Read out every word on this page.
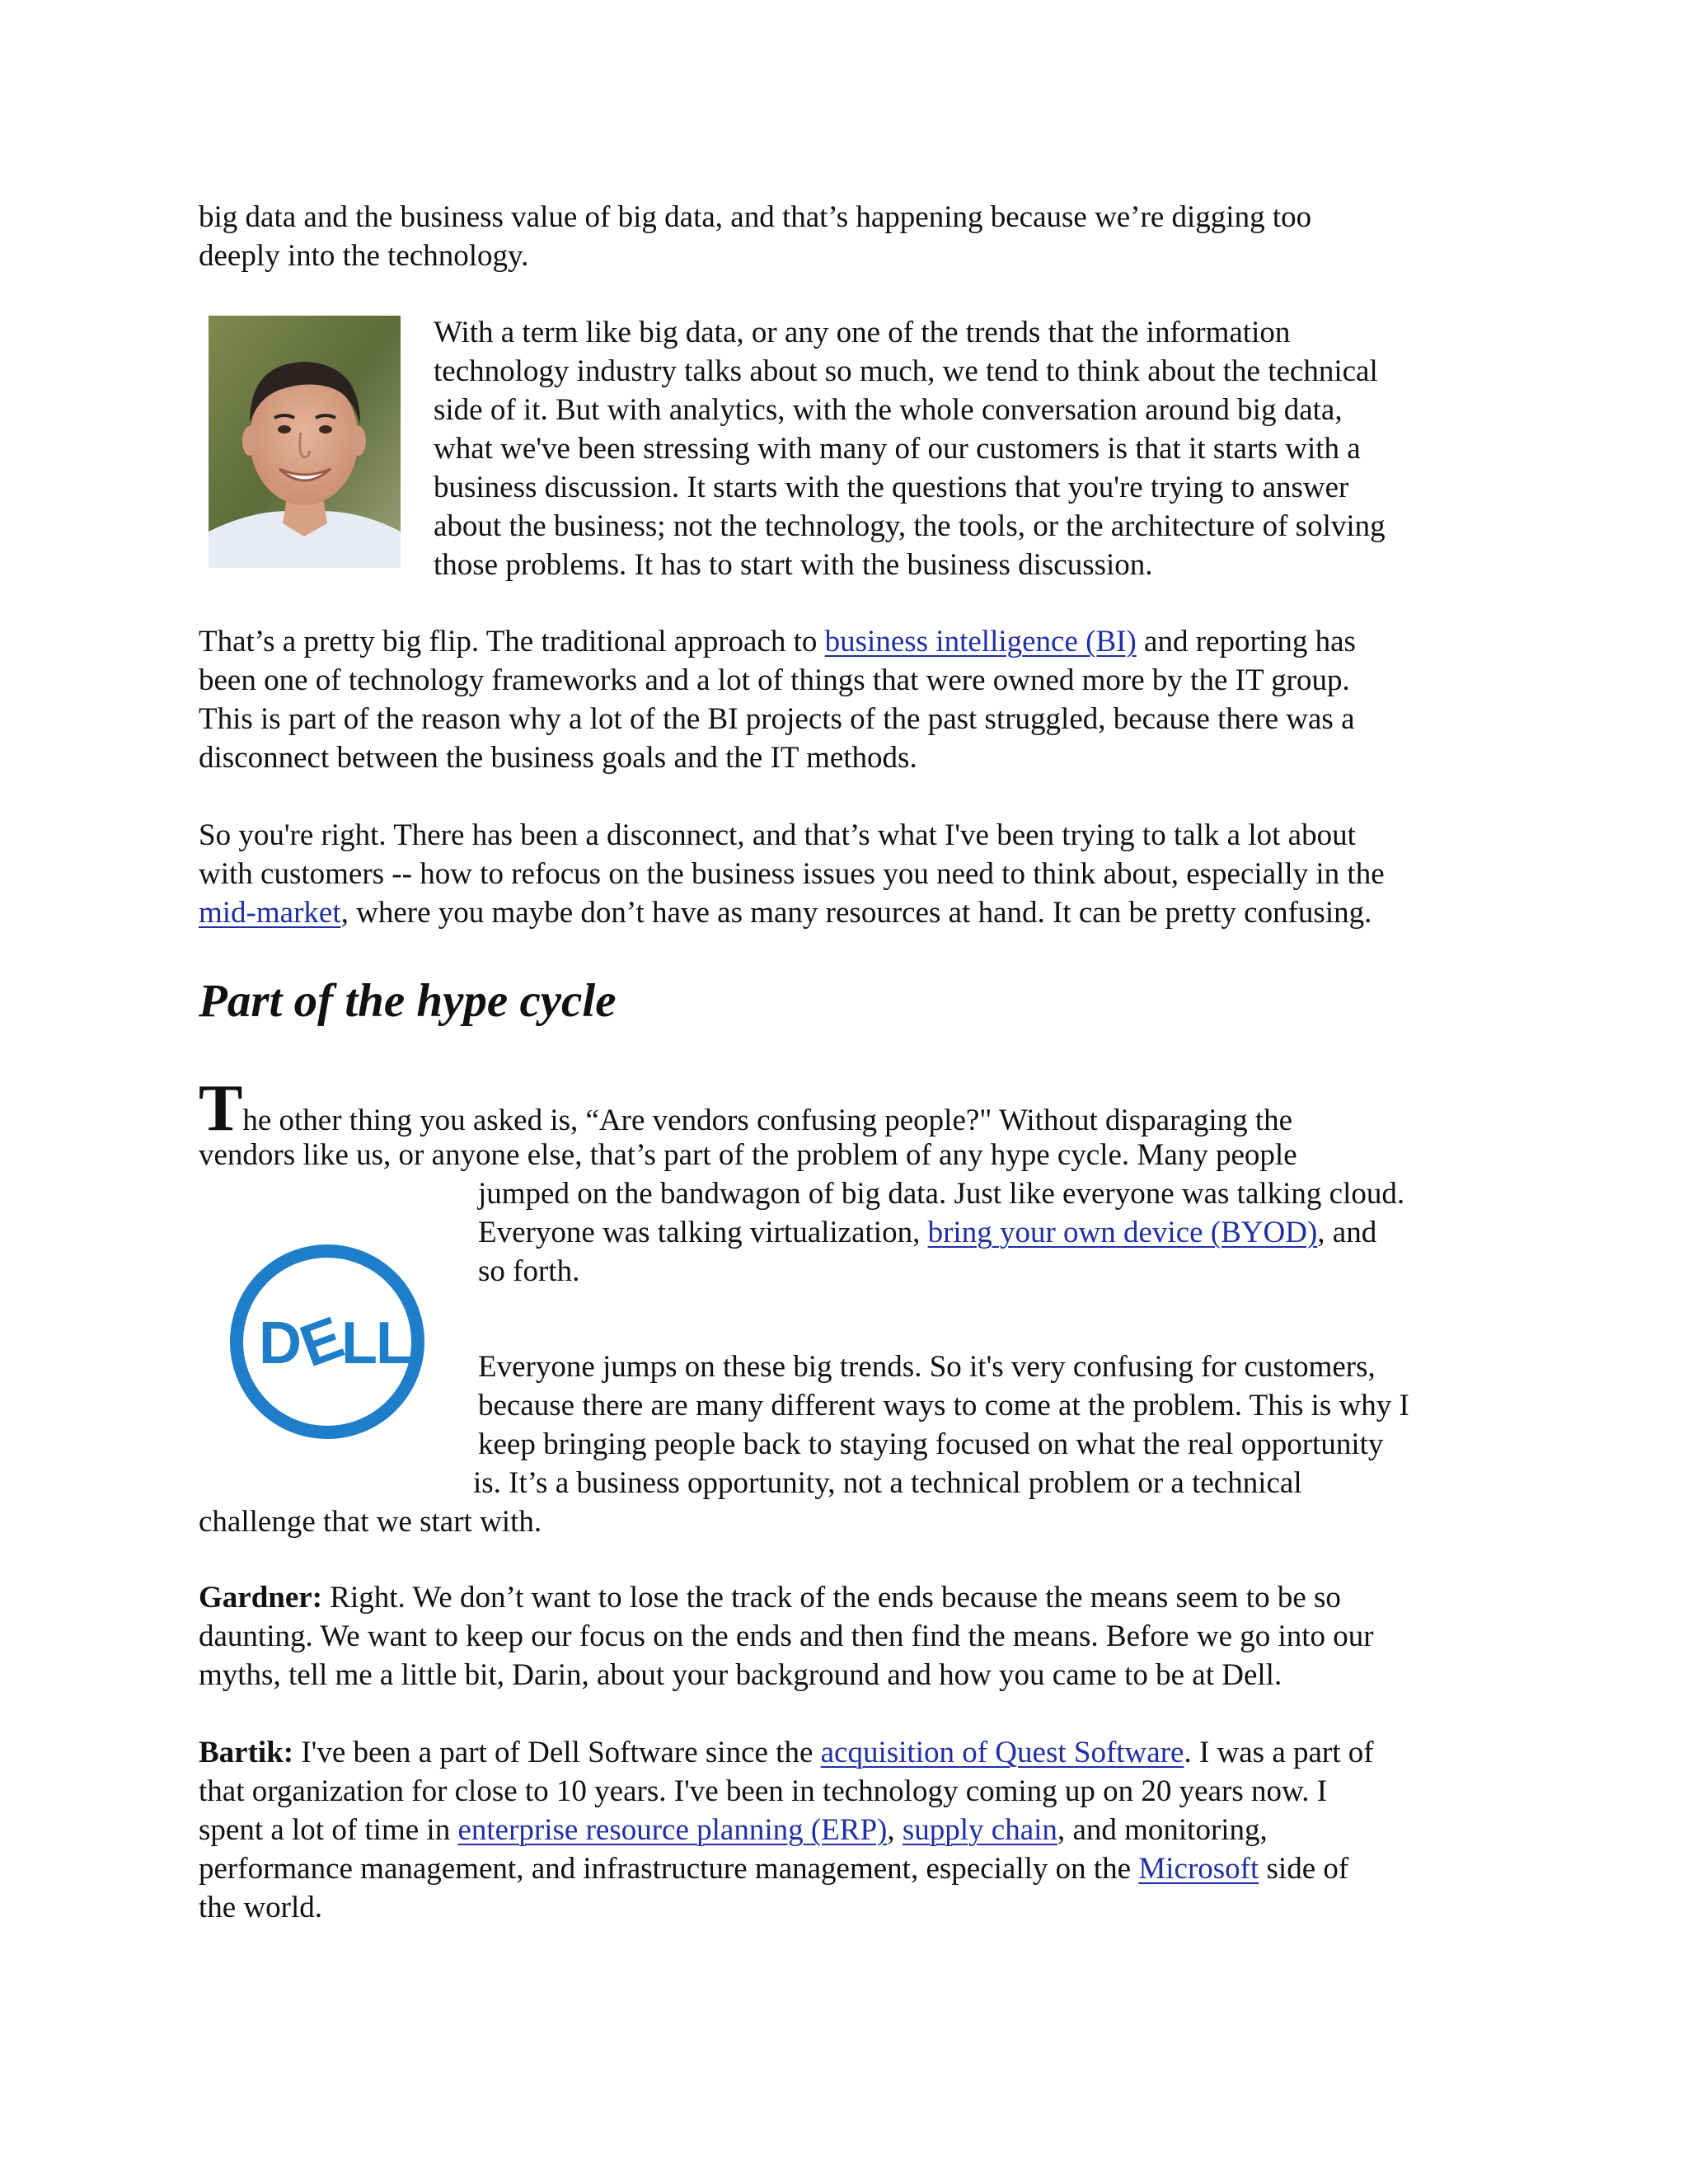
big data and the business value of big data, and that’s happening because we’re digging too
deeply into the technology.

With a term like big data, or any one of the trends that the information
technology industry talks about so much, we tend to think about the technical
side of it. But with analytics, with the whole conversation around big data,
what we've been stressing with many of our customers is that it starts with a
business discussion. It starts with the questions that you're trying to answer
about the business; not the technology, the tools, or the architecture of solving
those problems. It has to start with the business discussion.

That’s a pretty big flip. The traditional approach to business intelligence (BI) and reporting has
been one of technology frameworks and a lot of things that were owned more by the IT group.
This is part of the reason why a lot of the BI projects of the past struggled, because there was a
disconnect between the business goals and the IT methods.

So you're right. There has been a disconnect, and that’s what I've been trying to talk a lot about
with customers -- how to refocus on the business issues you need to think about, especially in the
mid-market, where you maybe don’t have as many resources at hand. It can be pretty confusing.

Part of the hype cycle
The other thing you asked is, “Are vendors confusing people?" Without disparaging the
vendors like us, or anyone else, that’s part of the problem of any hype cycle. Many people
jumped on the bandwagon of big data. Just like everyone was talking cloud.
Everyone was talking virtualization, bring your own device (BYOD), and
so forth.
D
E
L
L	Everyone jumps on these big trends. So it's very confusing for customers,
because there are many different ways to come at the problem. This is why I
keep bringing people back to staying focused on what the real opportunity
is. It’s a business opportunity, not a technical problem or a technical
challenge that we start with.

Gardner: Right. We don’t want to lose the track of the ends because the means seem to be so
daunting. We want to keep our focus on the ends and then find the means. Before we go into our
myths, tell me a little bit, Darin, about your background and how you came to be at Dell.

Bartik: I've been a part of Dell Software since the acquisition of Quest Software. I was a part of
that organization for close to 10 years. I've been in technology coming up on 20 years now. I
spent a lot of time in enterprise resource planning (ERP), supply chain, and monitoring,
performance management, and infrastructure management, especially on the Microsoft side of
the world.
